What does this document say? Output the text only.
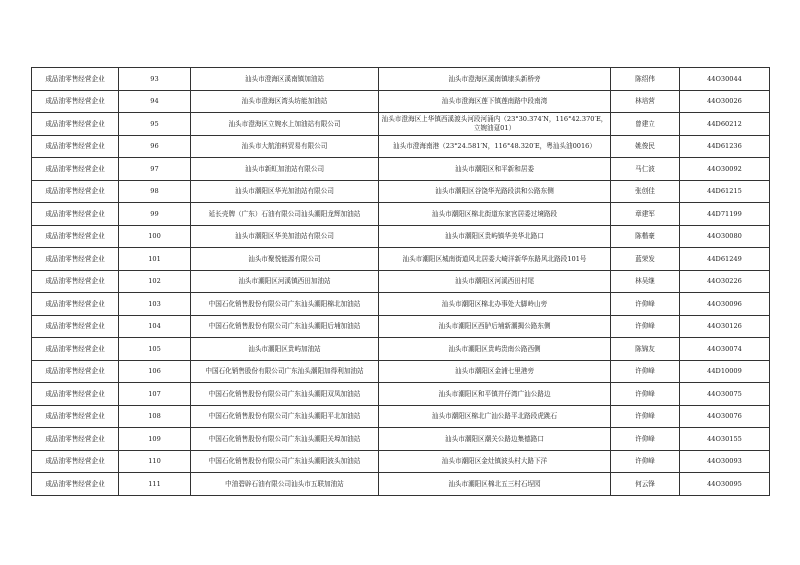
成品油零售经营企业	93	汕头市澄海区溪南镇加油站	汕头市澄海区溪南镇埭头新桥旁	陈绍伟	44O30044
成品油零售经营企业	94	汕头市澄海区湾头坊能加油站	汕头市澄海区莲下镇莲南路中段南湾	林培营	44O30026
成品油零售经营企业	95	汕头市澄海区立婉水上加油站有限公司	汕头市澄海区上华镇西溪渡头河段河涌内（23°30.374′N，116°42.370′E，立婉油趸01）	曾建立	44D60212
成品油零售经营企业	96	汕头市大航油料贸易有限公司	汕头市澄海南港（23°24.581′N，116°48.320′E，粤汕头油0016）	姚俊民	44D61236
成品油零售经营企业	97	汕头市新虹加油站有限公司	汕头市潮阳区和平新和居委	马仁波	44O30092
成品油零售经营企业	98	汕头市潮阳区华光加油站有限公司	汕头市潮阳区谷饶华光路段洪和公路东侧	张创佳	44D61215
成品油零售经营企业	99	延长壳牌（广东）石油有限公司汕头潮阳龙辉加油站	汕头市潮阳区棉北街道东家宫居委过境路段	章建军	44D71199
成品油零售经营企业	100	汕头市潮阳区华美加油站有限公司	汕头市潮阳区贵屿镇华美华北路口	陈楷豪	44O30080
成品油零售经营企业	101	汕头市聚悦能源有限公司	汕头市潮阳区城南街道风北居委大崎洋新华东路风北路段101号	蓝荣发	44D61249
成品油零售经营企业	102	汕头市潮阳区河溪镇西田加油站	汕头市潮阳区河溪西田村尾	林吴继	44O30226
成品油零售经营企业	103	中国石化销售股份有限公司广东汕头潮阳棉北加油站	汕头市潮阳区棉北办事处大脚岭山旁	许仰峰	44O30096
成品油零售经营企业	104	中国石化销售股份有限公司广东汕头潮阳后埔加油站	汕头市潮阳区西胪后埔新潮揭公路东侧	许仰峰	44O30126
成品油零售经营企业	105	汕头市潮阳区贵屿加油站	汕头市潮阳区贵屿贵南公路西侧	陈锦友	44O30074
成品油零售经营企业	106	中国石化销售股份有限公司广东汕头潮阳加得利加油站	汕头市潮阳区金浦七里港旁	许仰峰	44D10009
成品油零售经营企业	107	中国石化销售股份有限公司广东汕头潮阳双凤加油站	汕头市潮阳区和平镇井仔湾广汕公路边	许仰峰	44O30075
成品油零售经营企业	108	中国石化销售股份有限公司广东汕头潮阳平北加油站	汕头市潮阳区棉北广汕公路平北路段虎跳石	许仰峰	44O30076
成品油零售经营企业	109	中国石化销售股份有限公司广东汕头潮阳关埠加油站	汕头市潮阳区潮关公路边集德路口	许仰峰	44O30155
成品油零售经营企业	110	中国石化销售股份有限公司广东汕头潮阳波头加油站	汕头市潮阳区金灶镇波头村大路下洋	许仰峰	44O30093
成品油零售经营企业	111	中油碧辟石油有限公司汕头市五联加油站	汕头市潮阳区棉北五三村石埕园	何云锋	44O30095
